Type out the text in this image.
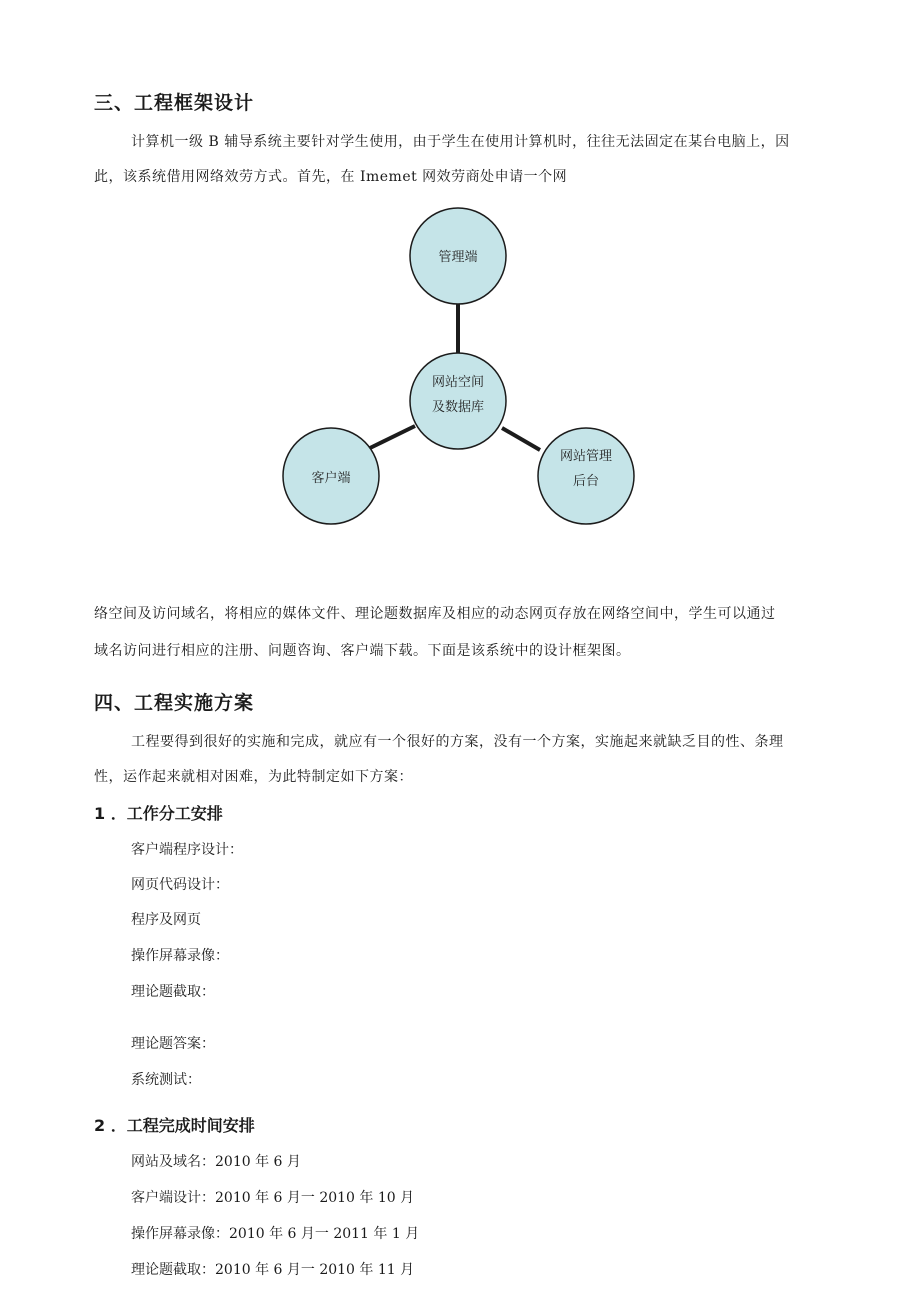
三、工程框架设计

计算机一级 B 辅导系统主要针对学生使用，由于学生在使用计算机时，往往无法固定在某台电脑上，因

此，该系统借用网络效劳方式。首先，在 Imemet 网效劳商处申请一个网

管理端
网站空间
及数据库
客户端
网站管理
后台

络空间及访问域名，将相应的媒体文件、理论题数据库及相应的动态网页存放在网络空间中，学生可以通过

域名访问进行相应的注册、问题咨询、客户端下载。下面是该系统中的设计框架图。

四、工程实施方案

工程要得到很好的实施和完成，就应有一个很好的方案，没有一个方案，实施起来就缺乏目的性、条理

性，运作起来就相对困难，为此特制定如下方案：

1 ．工作分工安排

客户端程序设计：

网页代码设计：

程序及网页

操作屏幕录像：

理论题截取：

理论题答案：

系统测试：

2 ．工程完成时间安排

网站及域名：2010 年 6 月

客户端设计：2010 年 6 月一 2010 年 10 月

操作屏幕录像：2010 年 6 月一 2011 年 1 月

理论题截取：2010 年 6 月一 2010 年 11 月
